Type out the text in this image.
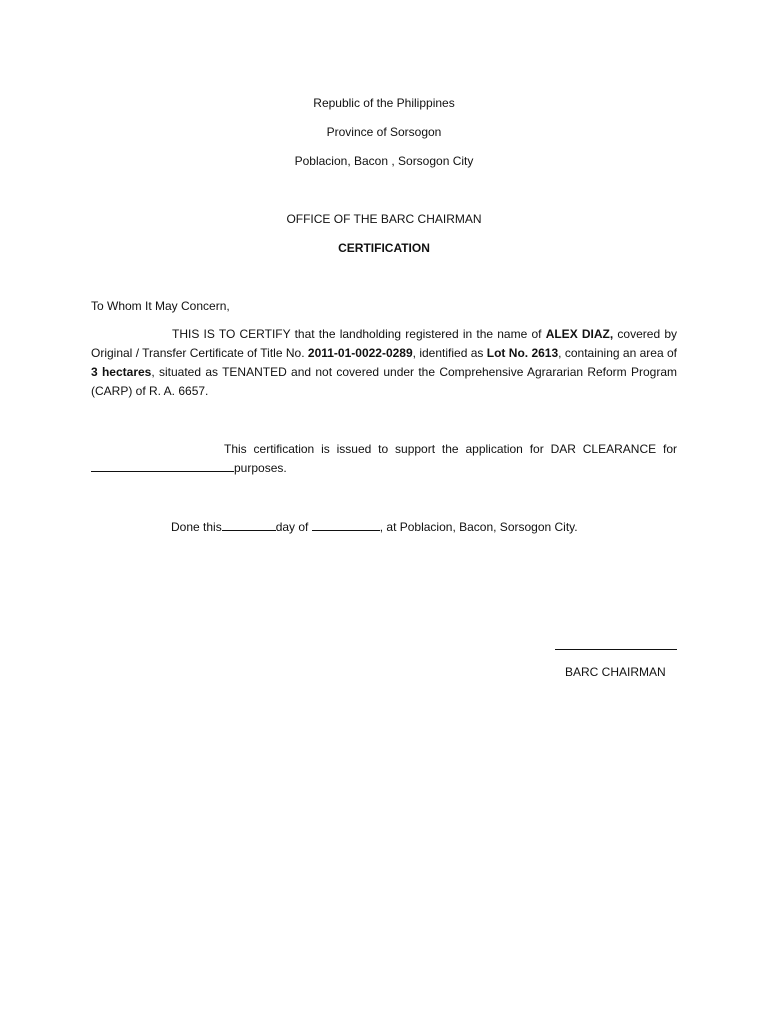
Republic of the Philippines
Province of Sorsogon
Poblacion, Bacon , Sorsogon City
OFFICE OF THE BARC CHAIRMAN
CERTIFICATION
To Whom It May Concern,
THIS IS TO CERTIFY that the landholding registered in the name of ALEX DIAZ, covered by Original / Transfer Certificate of Title No. 2011-01-0022-0289, identified as Lot No. 2613, containing an area of 3 hectares, situated as TENANTED and not covered under the Comprehensive Agrararian Reform Program (CARP) of R. A. 6657.
This certification is issued to support the application for DAR CLEARANCE for purposes.
Done this	day of	, at Poblacion, Bacon, Sorsogon City.
BARC CHAIRMAN
